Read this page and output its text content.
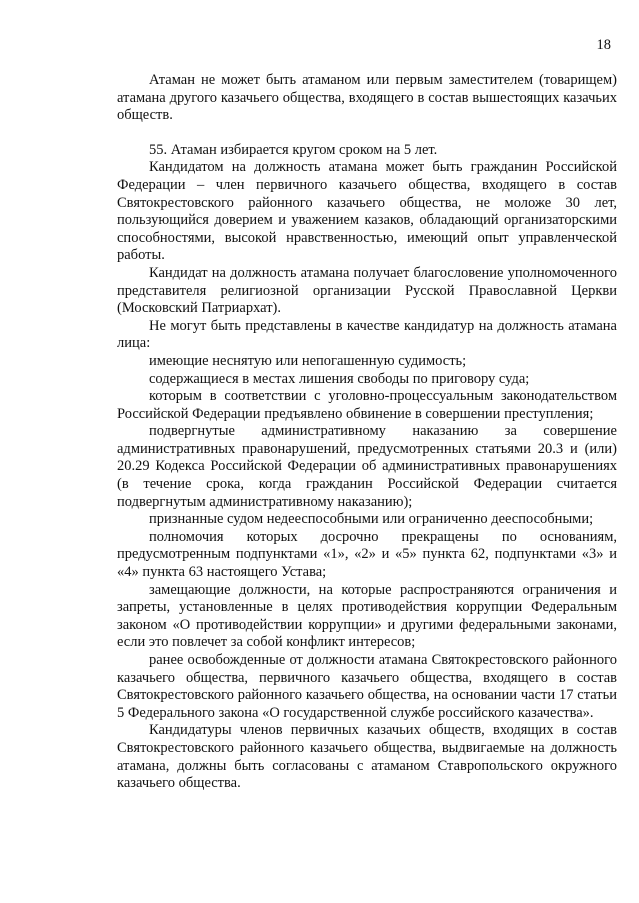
18

Атаман не может быть атаманом или первым заместителем (товарищем) атамана другого казачьего общества, входящего в состав вышестоящих казачьих обществ.

55. Атаман избирается кругом сроком на 5 лет.

Кандидатом на должность атамана может быть гражданин Российской Федерации – член первичного казачьего общества, входящего в состав Святокрестовского районного казачьего общества, не моложе 30 лет, пользующийся доверием и уважением казаков, обладающий организаторскими способностями, высокой нравственностью, имеющий опыт управленческой работы.

Кандидат на должность атамана получает благословение уполномоченного представителя религиозной организации Русской Православной Церкви (Московский Патриархат).

Не могут быть представлены в качестве кандидатур на должность атамана лица:

имеющие неснятую или непогашенную судимость;

содержащиеся в местах лишения свободы по приговору суда;

которым в соответствии с уголовно-процессуальным законодательством Российской Федерации предъявлено обвинение в совершении преступления;

подвергнутые административному наказанию за совершение административных правонарушений, предусмотренных статьями 20.3 и (или) 20.29 Кодекса Российской Федерации об административных правонарушениях (в течение срока, когда гражданин Российской Федерации считается подвергнутым административному наказанию);

признанные судом недееспособными или ограниченно дееспособными;

полномочия которых досрочно прекращены по основаниям, предусмотренным подпунктами «1», «2» и «5» пункта 62, подпунктами «3» и «4» пункта 63 настоящего Устава;

замещающие должности, на которые распространяются ограничения и запреты, установленные в целях противодействия коррупции Федеральным законом «О противодействии коррупции» и другими федеральными законами, если это повлечет за собой конфликт интересов;

ранее освобожденные от должности атамана Святокрестовского районного казачьего общества, первичного казачьего общества, входящего в состав Святокрестовского районного казачьего общества, на основании части 17 статьи 5 Федерального закона «О государственной службе российского казачества».

Кандидатуры членов первичных казачьих обществ, входящих в состав Святокрестовского районного казачьего общества, выдвигаемые на должность атамана, должны быть согласованы с атаманом Ставропольского окружного казачьего общества.
